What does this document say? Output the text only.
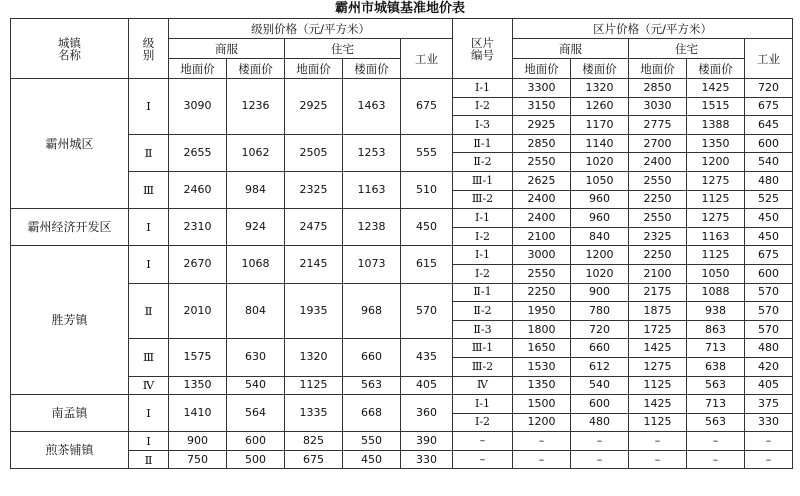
霸州市城镇基准地价表
城镇
名称	级
别	级别价格（元/平方米）					区片
编号	区片价格（元/平方米）				
		商服		住宅		工业		商服		住宅		工业
		地面价	楼面价	地面价	楼面价			地面价	楼面价	地面价	楼面价	
霸州城区	Ⅰ	3090	1236	2925	1463	675	Ⅰ-1	3300	1320	2850	1425	720
							Ⅰ-2	3150	1260	3030	1515	675
							Ⅰ-3	2925	1170	2775	1388	645
	Ⅱ	2655	1062	2505	1253	555	Ⅱ-1	2850	1140	2700	1350	600
							Ⅱ-2	2550	1020	2400	1200	540
	Ⅲ	2460	984	2325	1163	510	Ⅲ-1	2625	1050	2550	1275	480
							Ⅲ-2	2400	960	2250	1125	525
霸州经济开发区	Ⅰ	2310	924	2475	1238	450	Ⅰ-1	2400	960	2550	1275	450
							Ⅰ-2	2100	840	2325	1163	450
胜芳镇	Ⅰ	2670	1068	2145	1073	615	Ⅰ-1	3000	1200	2250	1125	675
							Ⅰ-2	2550	1020	2100	1050	600
	Ⅱ	2010	804	1935	968	570	Ⅱ-1	2250	900	2175	1088	570
							Ⅱ-2	1950	780	1875	938	570
							Ⅱ-3	1800	720	1725	863	570
	Ⅲ	1575	630	1320	660	435	Ⅲ-1	1650	660	1425	713	480
							Ⅲ-2	1530	612	1275	638	420
	Ⅳ	1350	540	1125	563	405	Ⅳ	1350	540	1125	563	405
南孟镇	Ⅰ	1410	564	1335	668	360	Ⅰ-1	1500	600	1425	713	375
							Ⅰ-2	1200	480	1125	563	330
煎茶铺镇	Ⅰ	900	600	825	550	390	–	–	–	–	–	–
	Ⅱ	750	500	675	450	330	–	–	–	–	–	–
